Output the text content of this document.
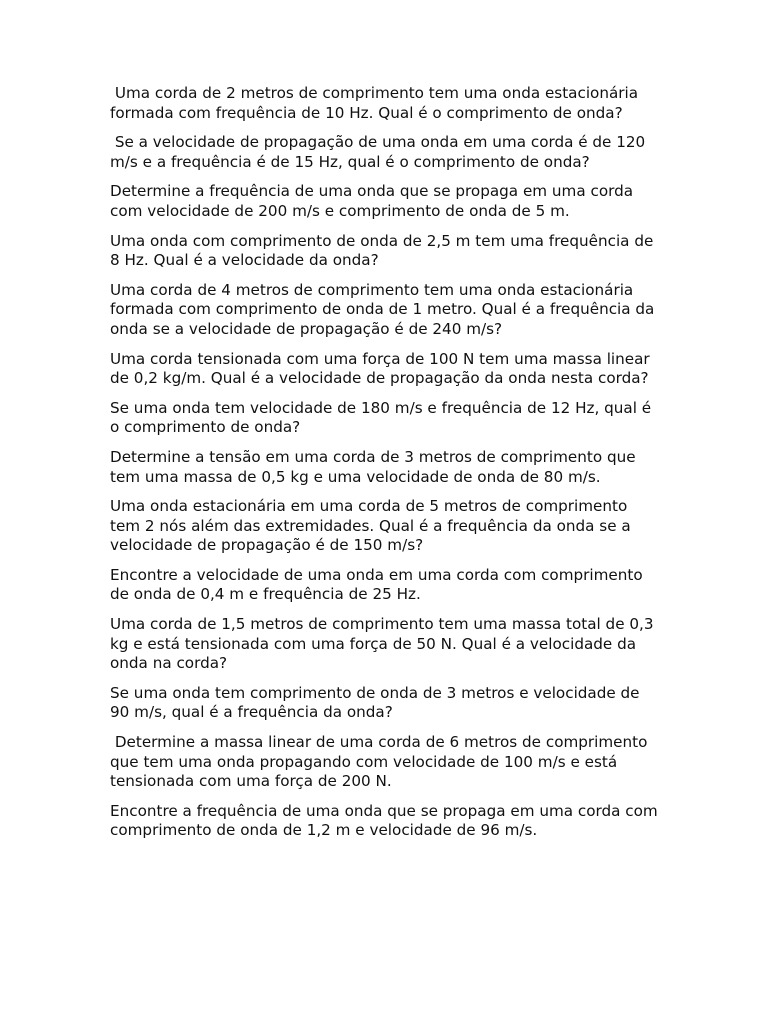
Uma corda de 2 metros de comprimento tem uma onda estacionária formada com frequência de 10 Hz. Qual é o comprimento de onda?

Se a velocidade de propagação de uma onda em uma corda é de 120 m/s e a frequência é de 15 Hz, qual é o comprimento de onda?

Determine a frequência de uma onda que se propaga em uma corda com velocidade de 200 m/s e comprimento de onda de 5 m.

Uma onda com comprimento de onda de 2,5 m tem uma frequência de 8 Hz. Qual é a velocidade da onda?

Uma corda de 4 metros de comprimento tem uma onda estacionária formada com comprimento de onda de 1 metro. Qual é a frequência da onda se a velocidade de propagação é de 240 m/s?

Uma corda tensionada com uma força de 100 N tem uma massa linear de 0,2 kg/m. Qual é a velocidade de propagação da onda nesta corda?

Se uma onda tem velocidade de 180 m/s e frequência de 12 Hz, qual é o comprimento de onda?

Determine a tensão em uma corda de 3 metros de comprimento que tem uma massa de 0,5 kg e uma velocidade de onda de 80 m/s.

Uma onda estacionária em uma corda de 5 metros de comprimento tem 2 nós além das extremidades. Qual é a frequência da onda se a velocidade de propagação é de 150 m/s?

Encontre a velocidade de uma onda em uma corda com comprimento de onda de 0,4 m e frequência de 25 Hz.

Uma corda de 1,5 metros de comprimento tem uma massa total de 0,3 kg e está tensionada com uma força de 50 N. Qual é a velocidade da onda na corda?

Se uma onda tem comprimento de onda de 3 metros e velocidade de 90 m/s, qual é a frequência da onda?

Determine a massa linear de uma corda de 6 metros de comprimento que tem uma onda propagando com velocidade de 100 m/s e está tensionada com uma força de 200 N.

Encontre a frequência de uma onda que se propaga em uma corda com comprimento de onda de 1,2 m e velocidade de 96 m/s.
